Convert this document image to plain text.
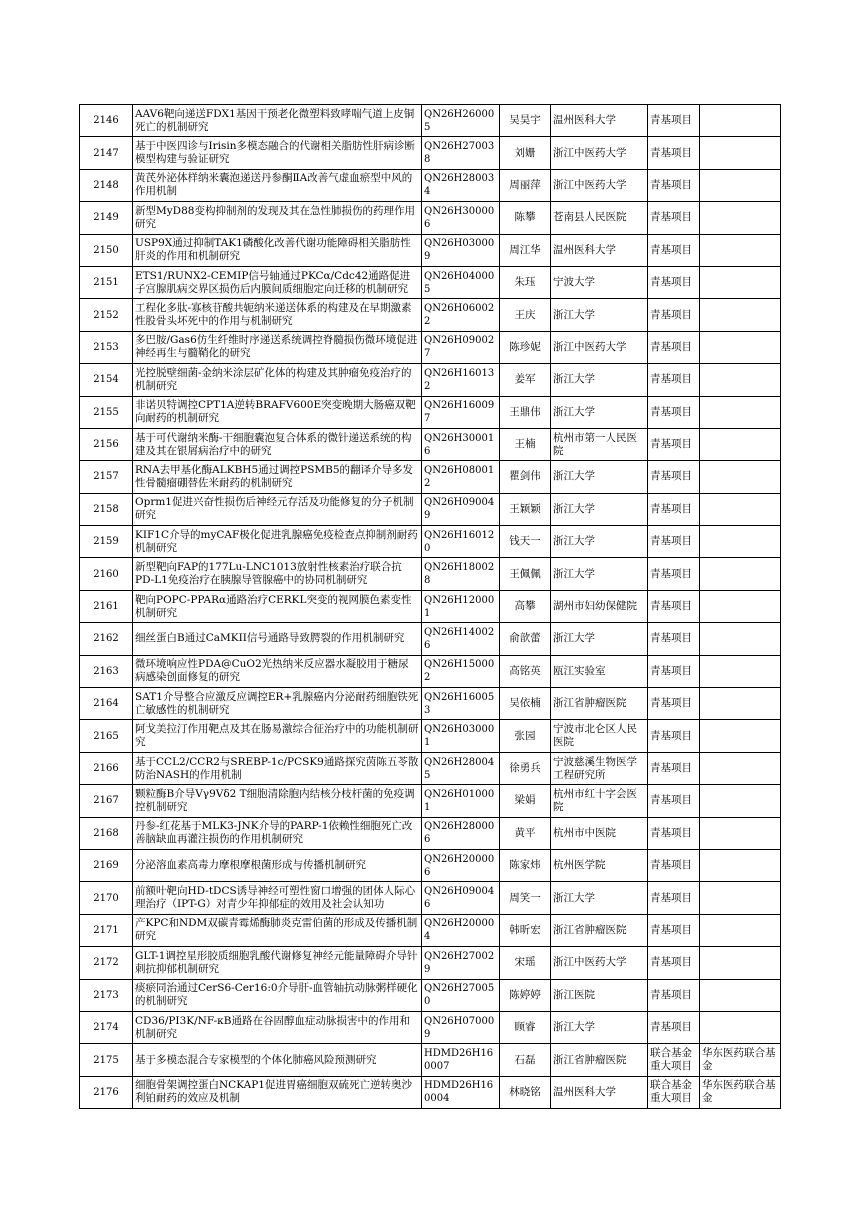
2146	AAV6靶向递送FDX1基因干预老化微塑料致哮喘气道上皮铜死亡的机制研究	QN26H260005	吴昊宇	温州医科大学	青基项目	
2147	基于中医四诊与Irisin多模态融合的代谢相关脂肪性肝病诊断模型构建与验证研究	QN26H270038	刘姗	浙江中医药大学	青基项目	
2148	黄芪外泌体样纳米囊泡递送丹参酮ⅡA改善气虚血瘀型中风的作用机制	QN26H280034	周丽萍	浙江中医药大学	青基项目	
2149	新型MyD88变构抑制剂的发现及其在急性肺损伤的药理作用研究	QN26H300006	陈攀	苍南县人民医院	青基项目	
2150	USP9X通过抑制TAK1磷酸化改善代谢功能障碍相关脂肪性肝炎的作用和机制研究	QN26H030009	周江华	温州医科大学	青基项目	
2151	ETS1/RUNX2-CEMIP信号轴通过PKCα/Cdc42通路促进子宫腺肌病交界区损伤后内膜间质细胞定向迁移的机制研究	QN26H040005	朱珏	宁波大学	青基项目	
2152	工程化多肽-寡核苷酸共轭纳米递送体系的构建及在早期激素性股骨头坏死中的作用与机制研究	QN26H060022	王庆	浙江大学	青基项目	
2153	多巴胺/Gas6仿生纤维时序递送系统调控脊髓损伤微环境促进神经再生与髓鞘化的研究	QN26H090027	陈珍妮	浙江中医药大学	青基项目	
2154	光控脱壁细菌-金纳米涂层矿化体的构建及其肿瘤免疫治疗的机制研究	QN26H160132	姜军	浙江大学	青基项目	
2155	非诺贝特调控CPT1A逆转BRAFV600E突变晚期大肠癌双靶向耐药的机制研究	QN26H160097	王鼎伟	浙江大学	青基项目	
2156	基于可代谢纳米酶-干细胞囊泡复合体系的微针递送系统的构建及其在银屑病治疗中的研究	QN26H300016	王楠	杭州市第一人民医院	青基项目	
2157	RNA去甲基化酶ALKBH5通过调控PSMB5的翻译介导多发性骨髓瘤硼替佐米耐药的机制研究	QN26H080012	瞿剑伟	浙江大学	青基项目	
2158	Oprm1促进兴奋性损伤后神经元存活及功能修复的分子机制研究	QN26H090049	王颖颖	浙江大学	青基项目	
2159	KIF1C介导的myCAF极化促进乳腺癌免疫检查点抑制剂耐药机制研究	QN26H160120	钱天一	浙江大学	青基项目	
2160	新型靶向FAP的177Lu-LNC1013放射性核素治疗联合抗PD-L1免疫治疗在胰腺导管腺癌中的协同机制研究	QN26H180028	王佩佩	浙江大学	青基项目	
2161	靶向POPC-PPARα通路治疗CERKL突变的视网膜色素变性机制研究	QN26H120001	高攀	湖州市妇幼保健院	青基项目	
2162	细丝蛋白B通过CaMKII信号通路导致腭裂的作用机制研究	QN26H140026	俞歆蕾	浙江大学	青基项目	
2163	微环境响应性PDA@CuO2光热纳米反应器水凝胶用于糖尿病感染创面修复的研究	QN26H150002	高铭英	瓯江实验室	青基项目	
2164	SAT1介导整合应激反应调控ER+乳腺癌内分泌耐药细胞铁死亡敏感性的机制研究	QN26H160053	吴依楠	浙江省肿瘤医院	青基项目	
2165	阿戈美拉汀作用靶点及其在肠易激综合征治疗中的功能机制研究	QN26H030001	张园	宁波市北仑区人民医院	青基项目	
2166	基于CCL2/CCR2与SREBP-1c/PCSK9通路探究茵陈五苓散防治NASH的作用机制	QN26H280045	徐勇兵	宁波慈溪生物医学工程研究所	青基项目	
2167	颗粒酶B介导Vγ9Vδ2 T细胞清除胞内结核分枝杆菌的免疫调控机制研究	QN26H010001	梁娟	杭州市红十字会医院	青基项目	
2168	丹参-红花基于MLK3-JNK介导的PARP-1依赖性细胞死亡改善脑缺血再灌注损伤的作用机制研究	QN26H280006	黄平	杭州市中医院	青基项目	
2169	分泌溶血素高毒力摩根摩根菌形成与传播机制研究	QN26H200006	陈家炜	杭州医学院	青基项目	
2170	前额叶靶向HD-tDCS诱导神经可塑性窗口增强的团体人际心理治疗（IPT-G）对青少年抑郁症的效用及社会认知功	QN26H090046	周笑一	浙江大学	青基项目	
2171	产KPC和NDM双碳青霉烯酶肺炎克雷伯菌的形成及传播机制研究	QN26H200004	韩昕宏	浙江省肿瘤医院	青基项目	
2172	GLT-1调控星形胶质细胞乳酸代谢修复神经元能量障碍介导针刺抗抑郁机制研究	QN26H270029	宋瑶	浙江中医药大学	青基项目	
2173	痰瘀同治通过CerS6-Cer16:0介导肝-血管轴抗动脉粥样硬化的机制研究	QN26H270050	陈婷婷	浙江医院	青基项目	
2174	CD36/PI3K/NF-κB通路在谷固醇血症动脉损害中的作用和机制研究	QN26H070009	顾睿	浙江大学	青基项目	
2175	基于多模态混合专家模型的个体化肺癌风险预测研究	HDMD26H160007	石磊	浙江省肿瘤医院	联合基金重大项目	华东医药联合基金
2176	细胞骨架调控蛋白NCKAP1促进胃癌细胞双硫死亡逆转奥沙利铂耐药的效应及机制	HDMD26H160004	林晓铭	温州医科大学	联合基金重大项目	华东医药联合基金
